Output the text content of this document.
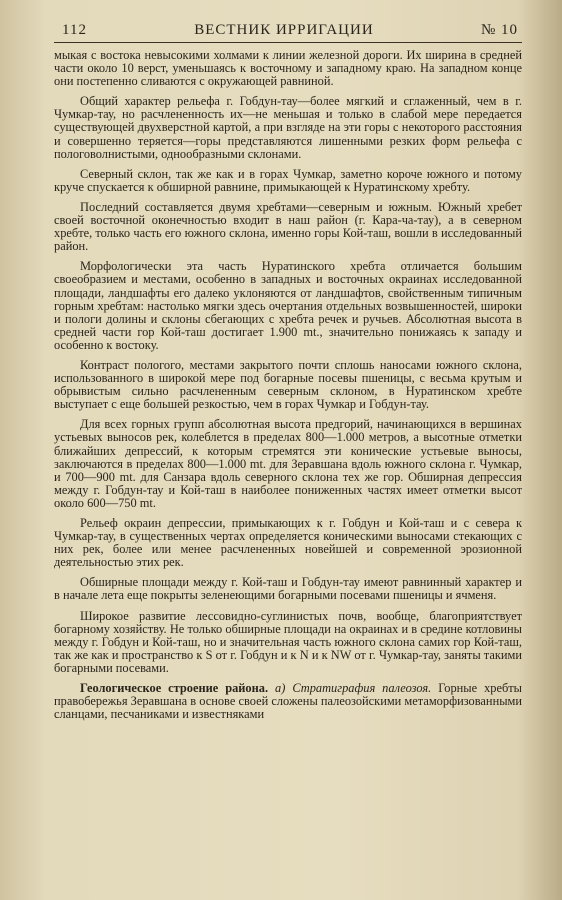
112	ВЕСТНИК ИРРИГАЦИИ	№ 10

мыкая с востока невысокими холмами к линии железной дороги. Их ширина в средней части около 10 верст, уменьшаясь к восточному и западному краю. На западном конце они постепенно сливаются с окружающей равниной.

Общий характер рельефа г. Гобдун-тау—более мягкий и сглаженный, чем в г. Чумкар-тау, но расчлененность их—не меньшая и только в слабой мере передается существующей двухверстной картой, а при взгляде на эти горы с некоторого расстояния и совершенно теряется—горы представляются лишенными резких форм рельефа с пологоволнистыми, однообразными склонами.

Северный склон, так же как и в горах Чумкар, заметно короче южного и потому круче спускается к обширной равнине, примыкающей к Нуратинскому хребту.

Последний составляется двумя хребтами—северным и южным. Южный хребет своей восточной оконечностью входит в наш район (г. Кара-ча-тау), а в северном хребте, только часть его южного склона, именно горы Кой-таш, вошли в исследованный район.

Морфологически эта часть Нуратинского хребта отличается большим своеобразием и местами, особенно в западных и восточных окраинах исследованной площади, ландшафты его далеко уклоняются от ландшафтов, свойственным типичным горным хребтам: настолько мягки здесь очертания отдельных возвышенностей, широки и пологи долины и склоны сбегающих с хребта речек и ручьев. Абсолютная высота в средней части гор Кой-таш достигает 1.900 mt., значительно понижаясь к западу и особенно к востоку.

Контраст пологого, местами закрытого почти сплошь наносами южного склона, использованного в широкой мере под богарные посевы пшеницы, с весьма крутым и обрывистым сильно расчлененным северным склоном, в Нуратинском хребте выступает с еще большей резкостью, чем в горах Чумкар и Гобдун-тау.

Для всех горных групп абсолютная высота предгорий, начинающихся в вершинах устьевых выносов рек, колеблется в пределах 800—1.000 метров, а высотные отметки ближайших депрессий, к которым стремятся эти конические устьевые выносы, заключаются в пределах 800—1.000 mt. для Зеравшана вдоль южного склона г. Чумкар, и 700—900 mt. для Санзара вдоль северного склона тех же гор. Обширная депрессия между г. Гобдун-тау и Кой-таш в наиболее пониженных частях имеет отметки высот около 600—750 mt.

Рельеф окраин депрессии, примыкающих к г. Гобдун и Кой-таш и с севера к Чумкар-тау, в существенных чертах определяется коническими выносами стекающих с них рек, более или менее расчлененных новейшей и современной эрозионной деятельностью этих рек.

Обширные площади между г. Кой-таш и Гобдун-тау имеют равнинный характер и в начале лета еще покрыты зеленеющими богарными посевами пшеницы и ячменя.

Широкое развитие лессовидно-суглинистых почв, вообще, благоприятствует богарному хозяйству. Не только обширные площади на окраинах и в средине котловины между г. Гобдун и Кой-таш, но и значительная часть южного склона самих гор Кой-таш, так же как и пространство к S от г. Гобдун и к N и к NW от г. Чумкар-тау, заняты такими богарными посевами.

Геологическое строение района. а) Стратиграфия палеозоя. Горные хребты правобережья Зеравшана в основе своей сложены палеозойскими метаморфизованными сланцами, песчаниками и известняками
